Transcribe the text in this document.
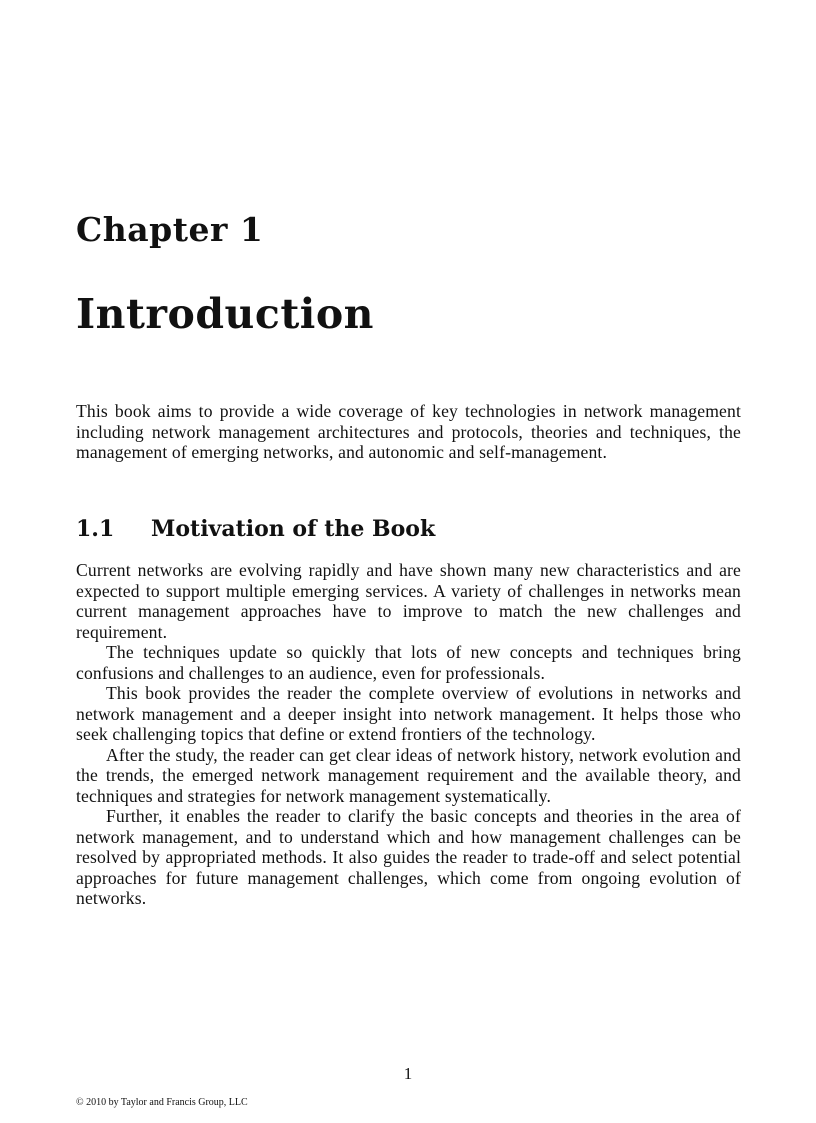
Chapter 1
Introduction

This book aims to provide a wide coverage of key technologies in network management including network management architectures and protocols, theories and techniques, the management of emerging networks, and autonomic and self-management.

1.1 Motivation of the Book

Current networks are evolving rapidly and have shown many new characteristics and are expected to support multiple emerging services. A variety of challenges in networks mean current management approaches have to improve to match the new challenges and requirement.

The techniques update so quickly that lots of new concepts and techniques bring confusions and challenges to an audience, even for professionals.

This book provides the reader the complete overview of evolutions in networks and network management and a deeper insight into network management. It helps those who seek challenging topics that define or extend frontiers of the technology.

After the study, the reader can get clear ideas of network history, network evolution and the trends, the emerged network management requirement and the available theory, and techniques and strategies for network management systematically.

Further, it enables the reader to clarify the basic concepts and theories in the area of network management, and to understand which and how management challenges can be resolved by appropriated methods. It also guides the reader to trade-off and select potential approaches for future management challenges, which come from ongoing evolution of networks.

1

© 2010 by Taylor and Francis Group, LLC
